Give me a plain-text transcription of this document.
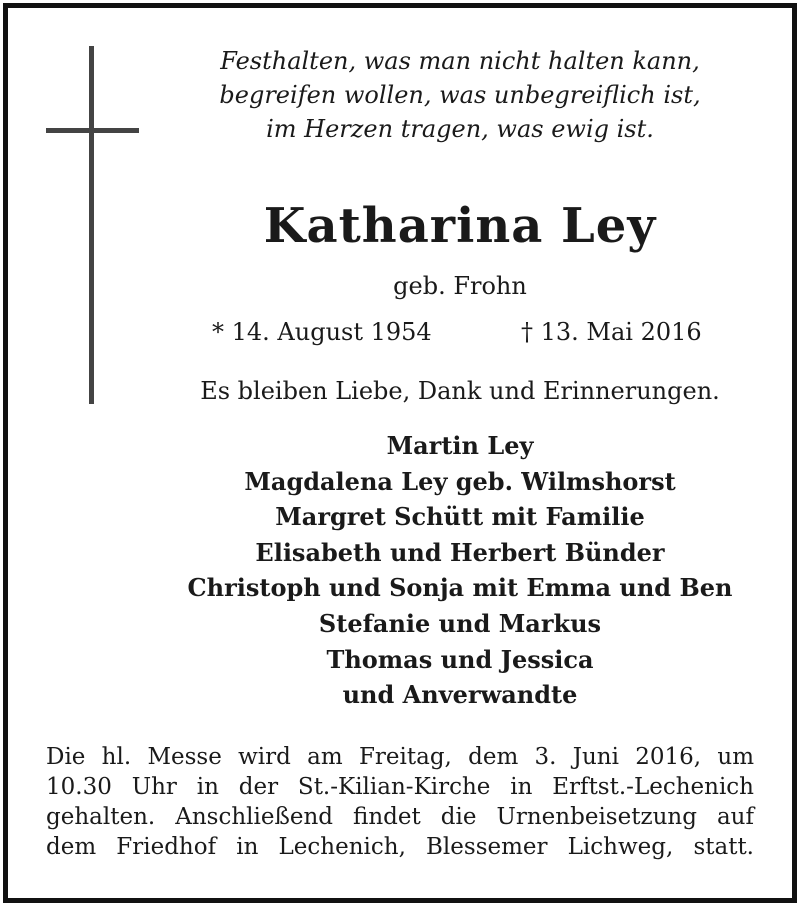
Festhalten, was man nicht halten kann,
begreifen wollen, was unbegreiflich ist,
im Herzen tragen, was ewig ist.
Katharina Ley
geb. Frohn
* 14. August 1954	† 13. Mai 2016
Es bleiben Liebe, Dank und Erinnerungen.
Martin Ley
Magdalena Ley geb. Wilmshorst
Margret Schütt mit Familie
Elisabeth und Herbert Bünder
Christoph und Sonja mit Emma und Ben
Stefanie und Markus
Thomas und Jessica
und Anverwandte
Die hl. Messe wird am Freitag, dem 3. Juni 2016, um
10.30 Uhr in der St.-Kilian-Kirche in Erftst.-Lechenich
gehalten. Anschließend findet die Urnenbeisetzung auf
dem Friedhof in Lechenich, Blessemer Lichweg, statt.
